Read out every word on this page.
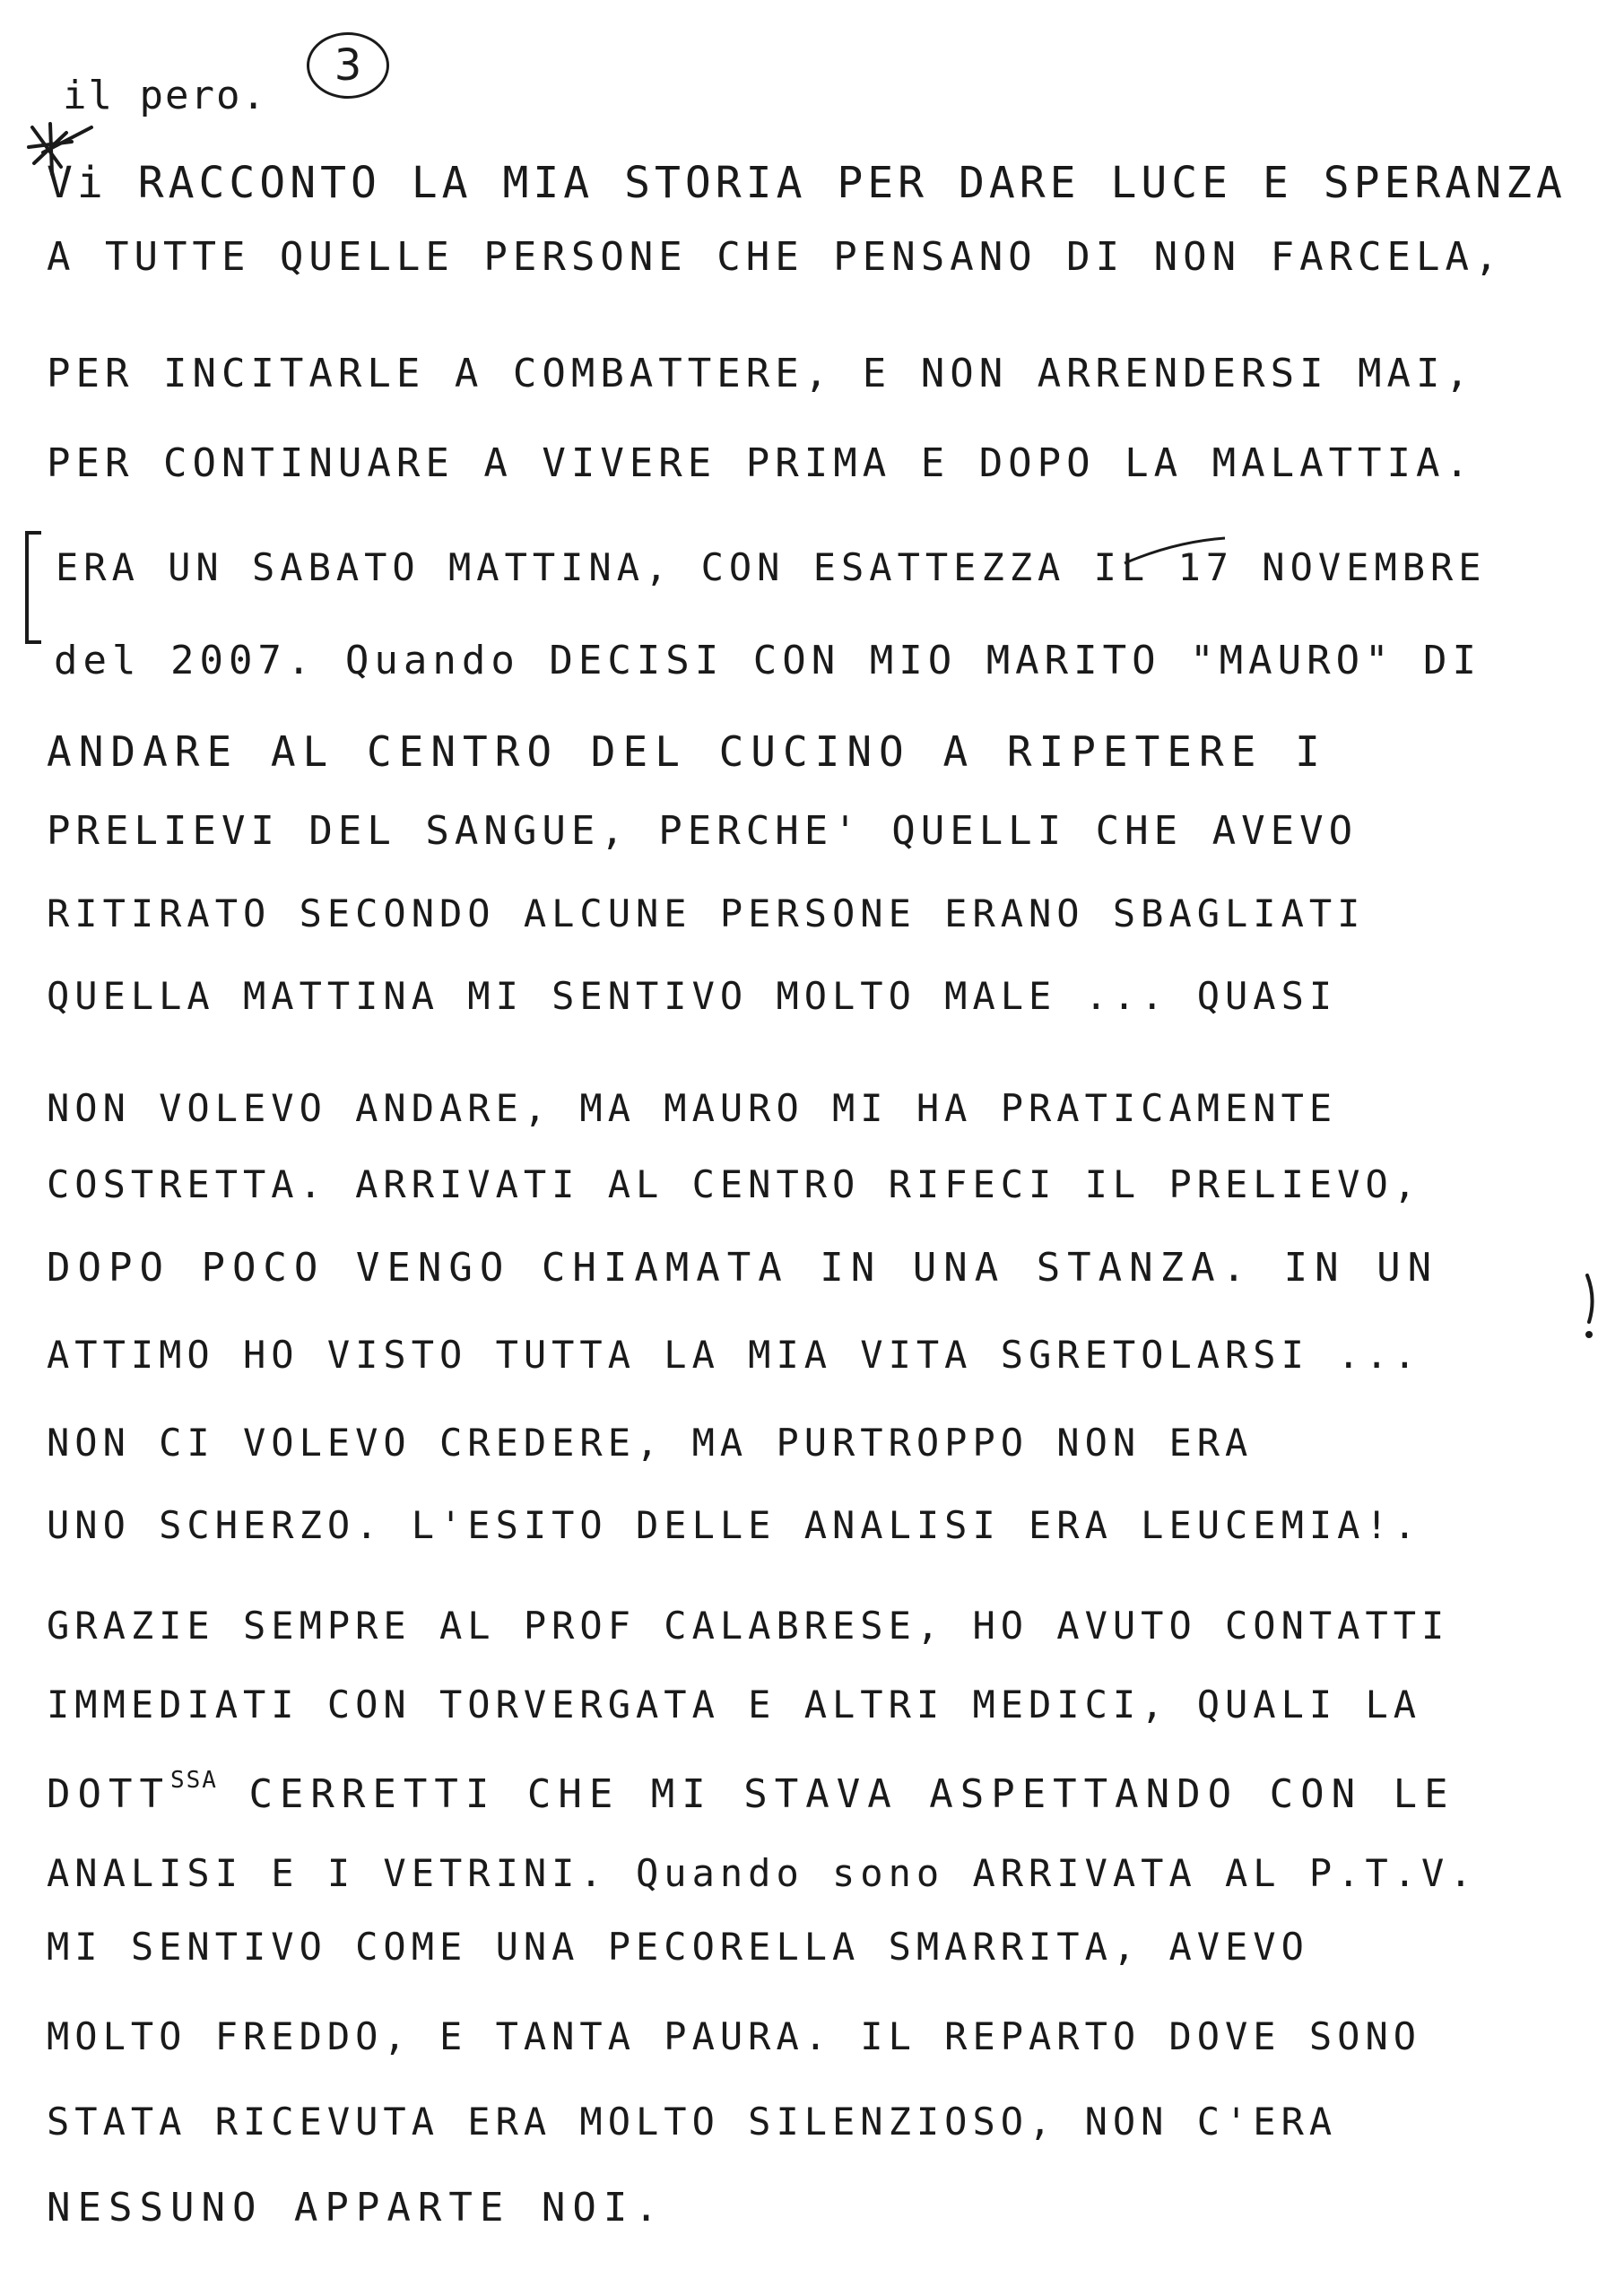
il pero.
3
Vi RACCONTO LA MIA STORIA PER DARE LUCE E SPERANZA
A TUTTE QUELLE PERSONE CHE PENSANO DI NON FARCELA,
PER INCITARLE A COMBATTERE, E NON ARRENDERSI MAI,
PER CONTINUARE A VIVERE PRIMA E DOPO LA MALATTIA.
ERA UN SABATO MATTINA, CON ESATTEZZA IL 17 NOVEMBRE
del 2007. Quando DECISI CON MIO MARITO "MAURO" DI
ANDARE AL CENTRO DEL CUCINO A RIPETERE I
PRELIEVI DEL SANGUE, PERCHE' QUELLI CHE AVEVO
RITIRATO SECONDO ALCUNE PERSONE ERANO SBAGLIATI
QUELLA MATTINA MI SENTIVO MOLTO MALE ... QUASI
NON VOLEVO ANDARE, MA MAURO MI HA PRATICAMENTE
COSTRETTA. ARRIVATI AL CENTRO RIFECI IL PRELIEVO,
DOPO POCO VENGO CHIAMATA IN UNA STANZA. IN UN
ATTIMO HO VISTO TUTTA LA MIA VITA SGRETOLARSI ...
NON CI VOLEVO CREDERE, MA PURTROPPO NON ERA
UNO SCHERZO. L'ESITO DELLE ANALISI ERA LEUCEMIA!.
GRAZIE SEMPRE AL PROF CALABRESE, HO AVUTO CONTATTI
IMMEDIATI CON TORVERGATA E ALTRI MEDICI, QUALI LA
$DOTT^{SSA}$ CERRETTI CHE MI STAVA ASPETTANDO CON LE
ANALISI E I VETRINI. Quando sono ARRIVATA AL P.T.V.
MI SENTIVO COME UNA PECORELLA SMARRITA, AVEVO
MOLTO FREDDO, E TANTA PAURA. IL REPARTO DOVE SONO
STATA RICEVUTA ERA MOLTO SILENZIOSO, NON C'ERA
NESSUNO APPARTE NOI.
